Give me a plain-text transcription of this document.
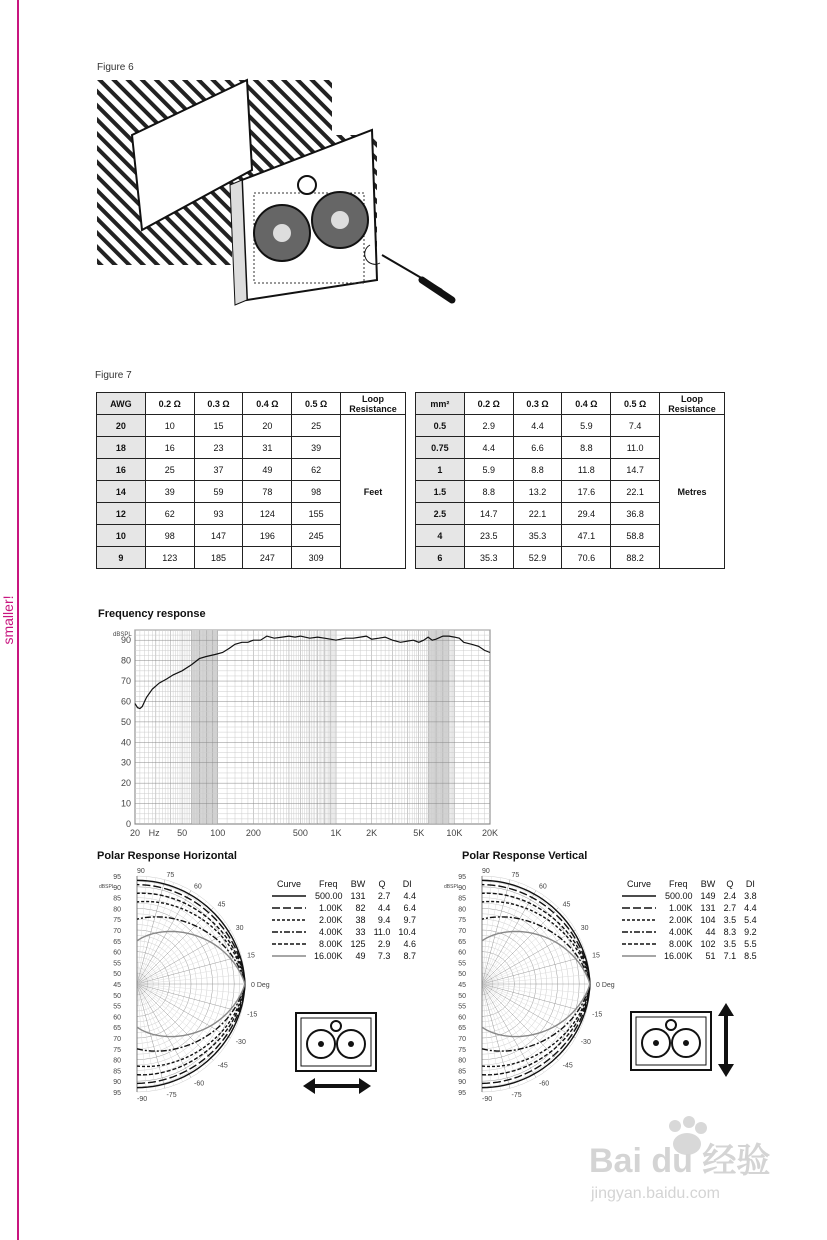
smaller!
Figure 6
Figure 7
AWG	0.2 Ω	0.3 Ω	0.4 Ω	0.5 Ω	Loop Resistance
20	10	15	20	25	Feet
18	16	23	31	39	
16	25	37	49	62	
14	39	59	78	98	
12	62	93	124	155	
10	98	147	196	245	
9	123	185	247	309	
mm²	0.2 Ω	0.3 Ω	0.4 Ω	0.5 Ω	Loop Resistance
0.5	2.9	4.4	5.9	7.4	Metres
0.75	4.4	6.6	8.8	11.0	
1	5.9	8.8	11.8	14.7	
1.5	8.8	13.2	17.6	22.1	
2.5	14.7	22.1	29.4	36.8	
4	23.5	35.3	47.1	58.8	
6	35.3	52.9	70.6	88.2	
Frequency response
0
10
20
30
40
50
60
70
80
90
dBSPL
20 Hz 50	100 200	500	1K	2K	5K 10K 20K
Polar Response Horizontal
95
90
85
80
75
70
65
60
55
50
45
50
55
60
65
70
75
80
85
90
95
dBSPL
90
75
60
45
30
15
0 Deg
-15
-30
-45
-60
-75
-90
Curve	Freq	BW	Q	DI
	500.00	131	2.7	4.4
	1.00K	82	4.4	6.4
	2.00K	38	9.4	9.7
	4.00K	33	11.0	10.4
	8.00K	125	2.9	4.6
	16.00K	49	7.3	8.7
Polar Response Vertical
95
90
85
80
75
70
65
60
55
50
45
50
55
60
65
70
75
80
85
90
95
dBSPL
90
75
60
45
30
15
0 Deg
-15
-30
-45
-60
-75
-90
Curve	Freq	BW	Q	DI
	500.00	149	2.4	3.8
	1.00K	131	2.7	4.4
	2.00K	104	3.5	5.4
	4.00K	44	8.3	9.2
	8.00K	102	3.5	5.5
	16.00K	51	7.1	8.5
Bai du 经验
jingyan.baidu.com
